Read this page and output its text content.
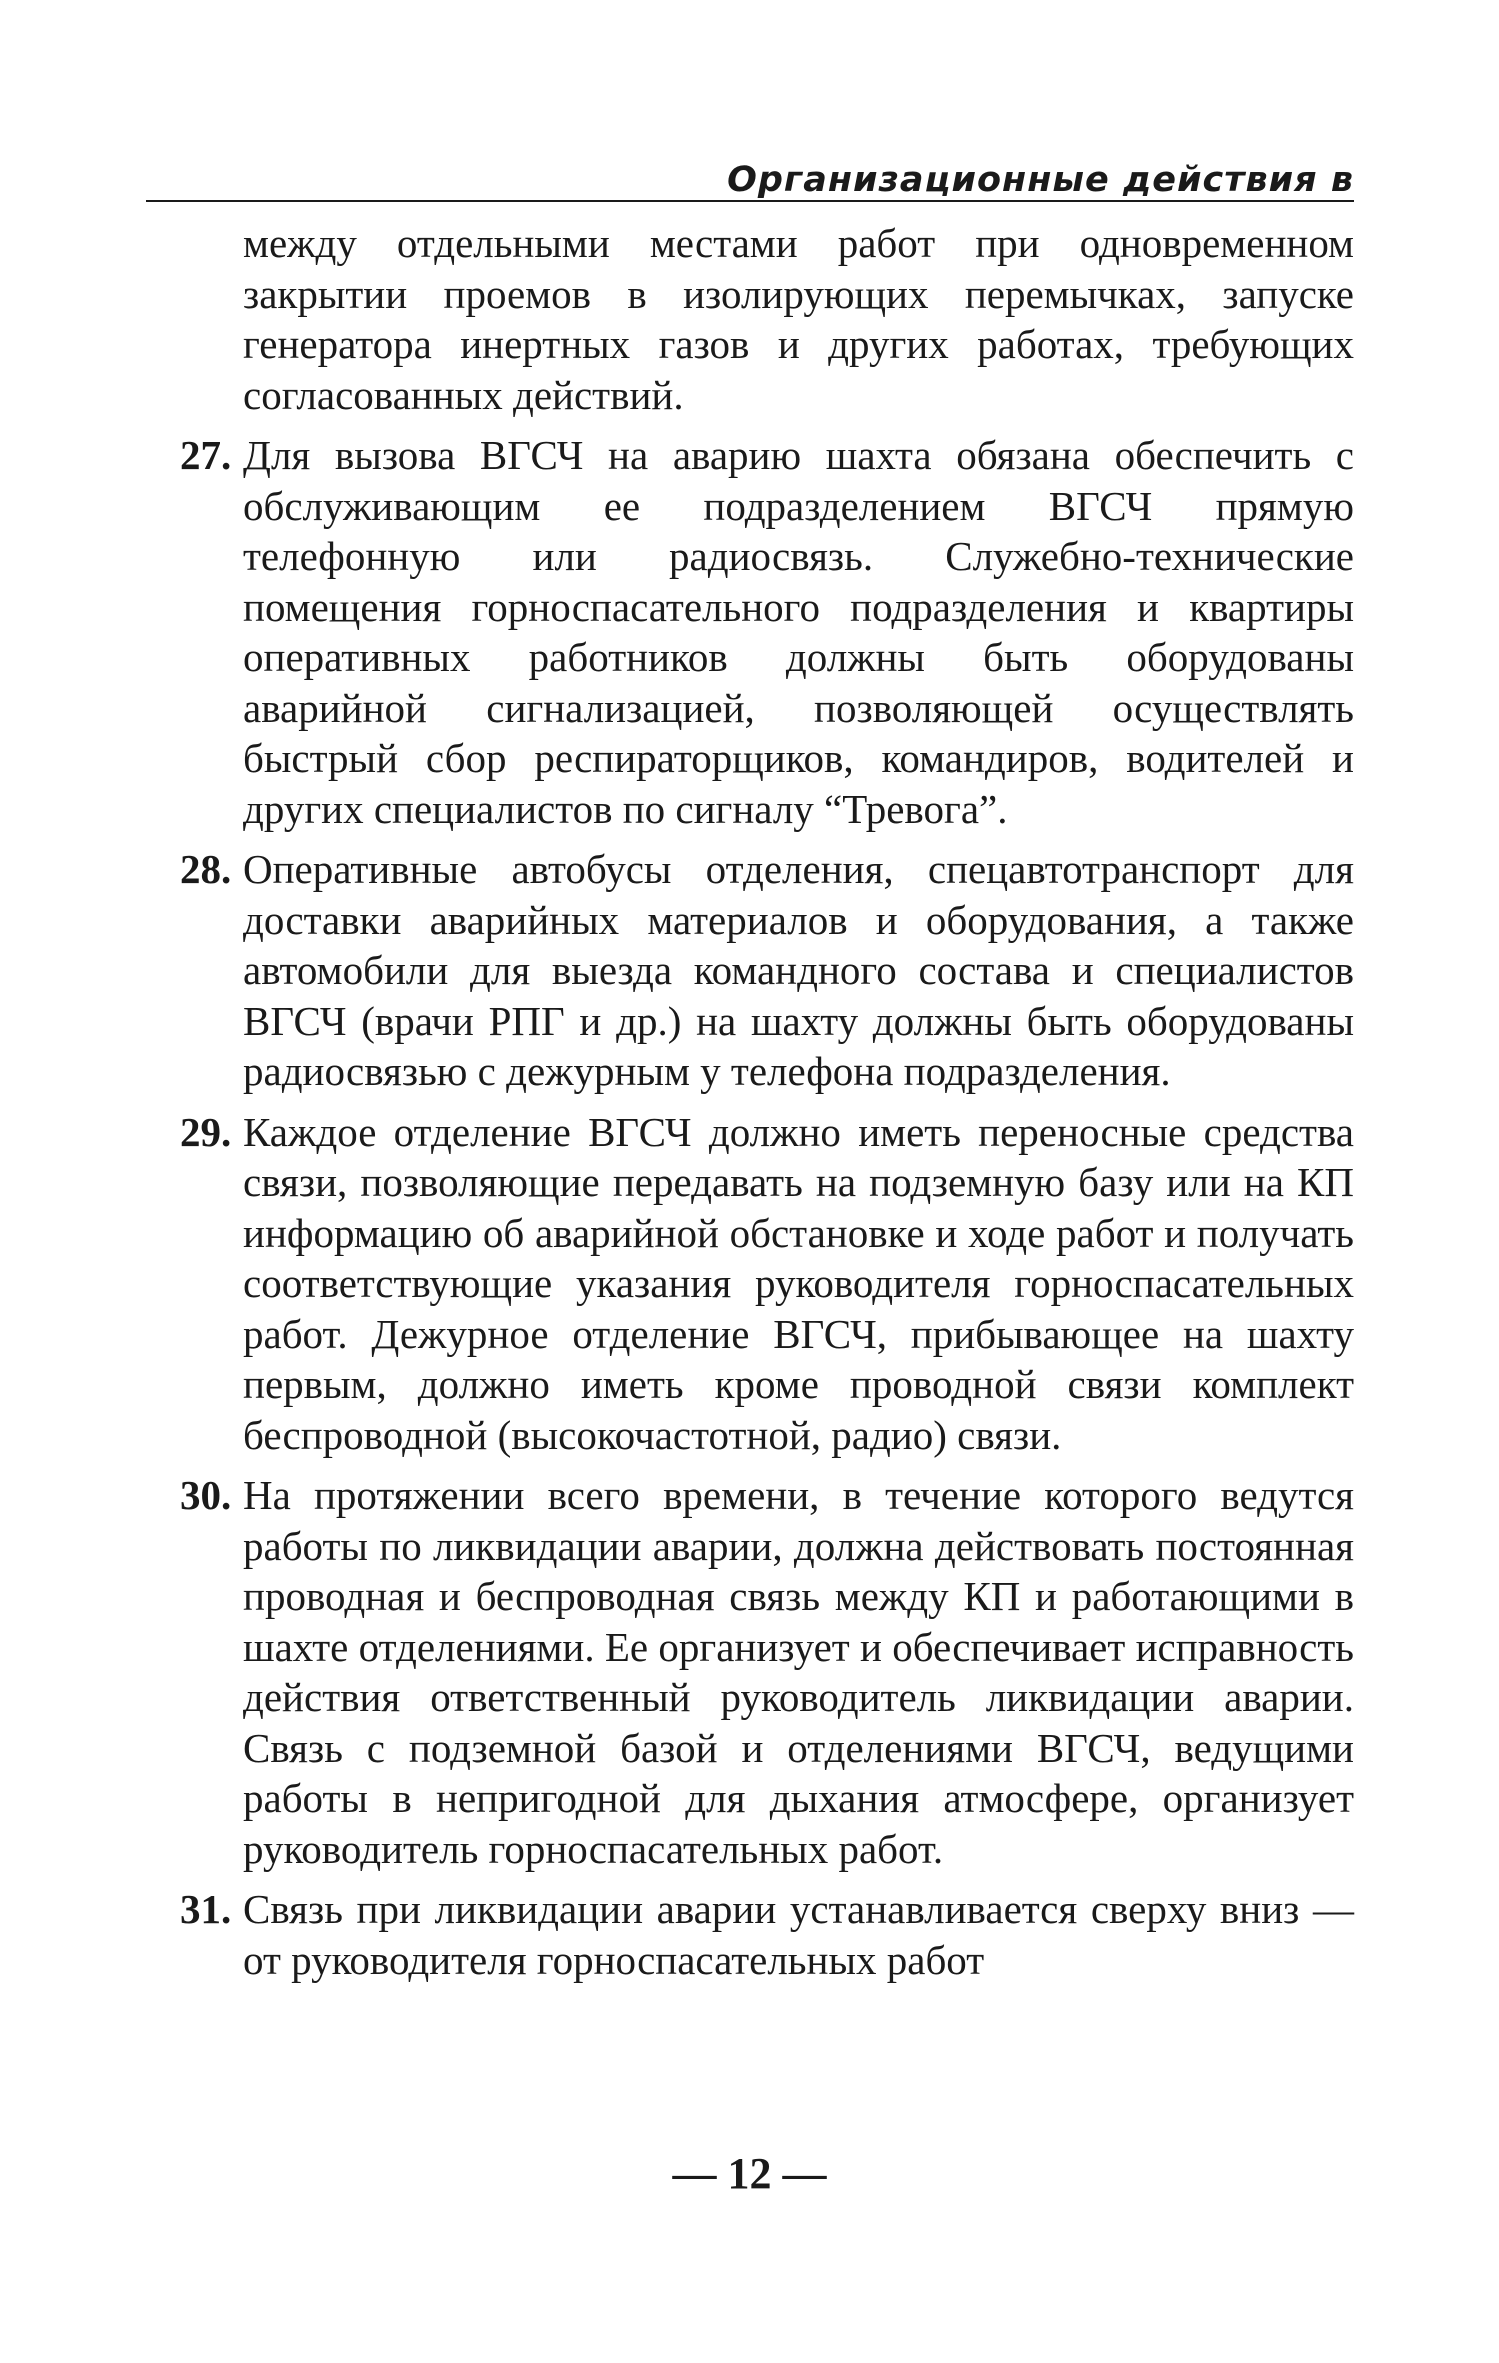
Организационные действия в

между отдельными местами работ при одновременном закрытии проемов в изолирующих перемычках, запуске генератора инертных газов и других работах, требующих согласованных действий.

27. Для вызова ВГСЧ на аварию шахта обязана обеспечить с обслуживающим ее подразделением ВГСЧ прямую телефонную или радиосвязь. Служебно-технические помещения горноспасательного подразделения и квартиры оперативных работников должны быть оборудованы аварийной сигнализацией, позволяющей осуществлять быстрый сбор респираторщиков, командиров, водителей и других специалистов по сигналу “Тревога”.

28. Оперативные автобусы отделения, спецавтотранспорт для доставки аварийных материалов и оборудования, а также автомобили для выезда командного состава и специалистов ВГСЧ (врачи РПГ и др.) на шахту должны быть оборудованы радиосвязью с дежурным у телефона подразделения.

29. Каждое отделение ВГСЧ должно иметь переносные средства связи, позволяющие передавать на подземную базу или на КП информацию об аварийной обстановке и ходе работ и получать соответствующие указания руководителя горноспасательных работ. Дежурное отделение ВГСЧ, прибывающее на шахту первым, должно иметь кроме проводной связи комплект беспроводной (высокочастотной, радио) связи.

30. На протяжении всего времени, в течение которого ведутся работы по ликвидации аварии, должна действовать постоянная проводная и беспроводная связь между КП и работающими в шахте отделениями. Ее организует и обеспечивает исправность действия ответственный руководитель ликвидации аварии. Связь с подземной базой и отделениями ВГСЧ, ведущими работы в непригодной для дыхания атмосфере, организует руководитель горноспасательных работ.

31. Связь при ликвидации аварии устанавливается сверху вниз — от руководителя горноспасательных работ

— 12 —
